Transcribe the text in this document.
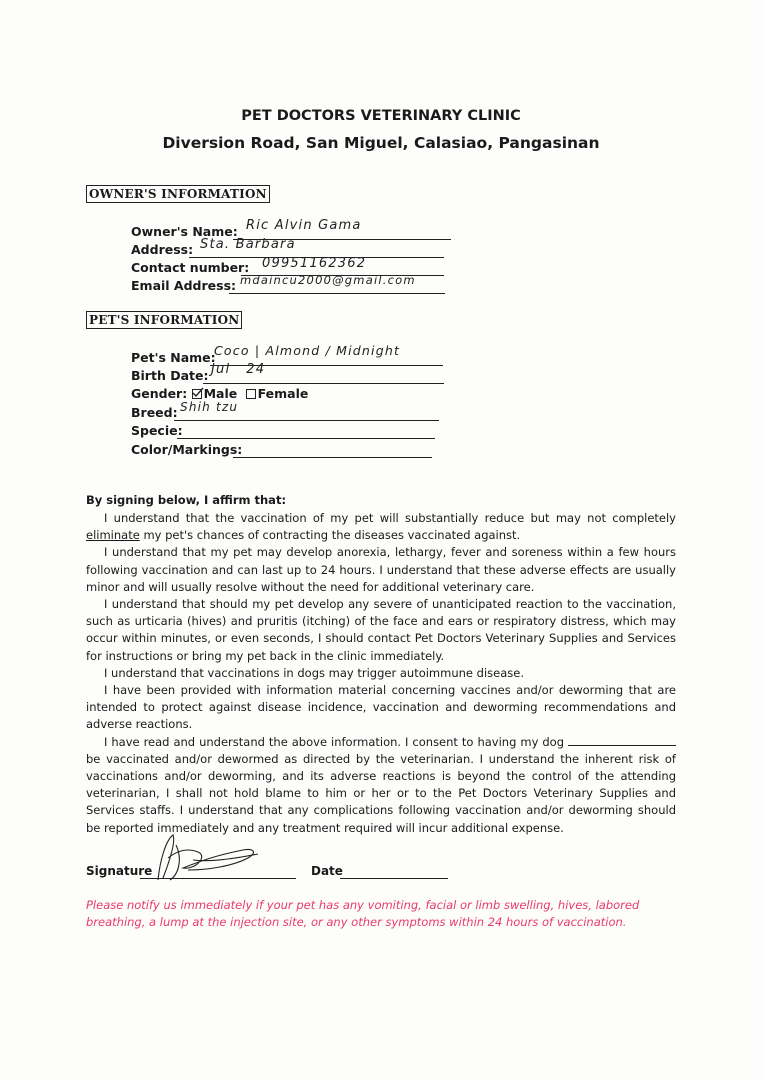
PET DOCTORS VETERINARY CLINIC
Diversion Road, San Miguel, Calasiao, Pangasinan
OWNER'S INFORMATION
Owner's Name: Ric Alvin Gama
Address: Sta. Barbara
Contact number: 09951162362
Email Address: mdaincu2000@gmail.com
PET'S INFORMATION
Pet's Name:
Coco | Almond / Midnight
Birth Date: Jul   24
Gender: Male Female
Breed: Shih tzu
Specie:
Color/Markings:
By signing below, I affirm that:

I understand that the vaccination of my pet will substantially reduce but may not completely eliminate my pet's chances of contracting the diseases vaccinated against.

I understand that my pet may develop anorexia, lethargy, fever and soreness within a few hours following vaccination and can last up to 24 hours. I understand that these adverse effects are usually minor and will usually resolve without the need for additional veterinary care.

I understand that should my pet develop any severe of unanticipated reaction to the vaccination, such as urticaria (hives) and pruritis (itching) of the face and ears or respiratory distress, which may occur within minutes, or even seconds, I should contact Pet Doctors Veterinary Supplies and Services for instructions or bring my pet back in the clinic immediately.

I understand that vaccinations in dogs may trigger autoimmune disease.

I have been provided with information material concerning vaccines and/or deworming that are intended to protect against disease incidence, vaccination and deworming recommendations and adverse reactions.

I have read and understand the above information. I consent to having my dog  be vaccinated and/or dewormed as directed by the veterinarian. I understand the inherent risk of vaccinations and/or deworming, and its adverse reactions is beyond the control of the attending veterinarian, I shall not hold blame to him or her or to the Pet Doctors Veterinary Supplies and Services staffs. I understand that any complications following vaccination and/or deworming should be reported immediately and any treatment required will incur additional expense.

Signature	Date
Please notify us immediately if your pet has any vomiting, facial or limb swelling, hives, labored breathing, a lump at the injection site, or any other symptoms within 24 hours of vaccination.
